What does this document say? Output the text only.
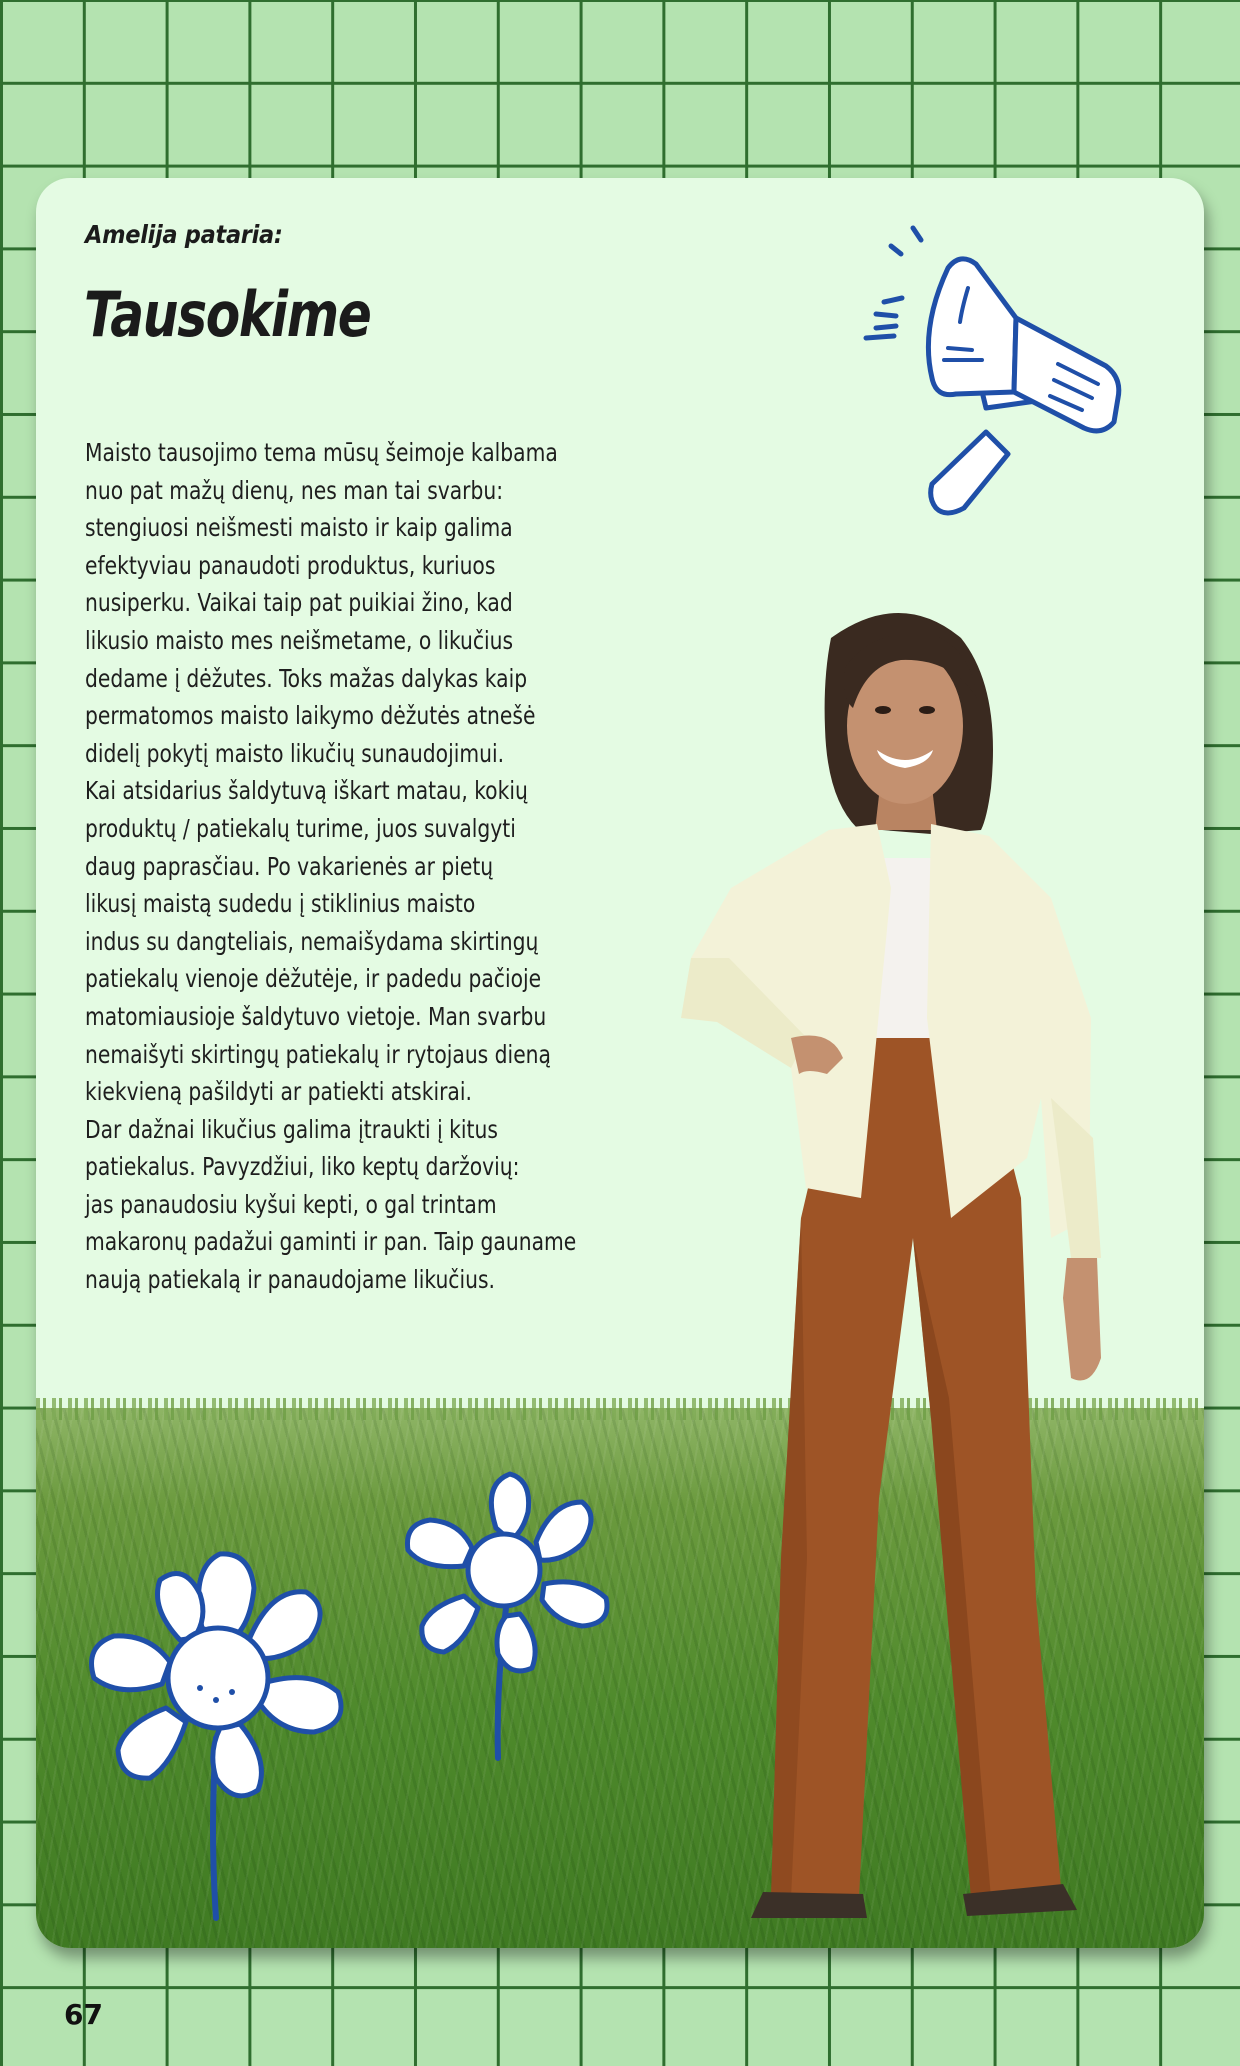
Amelija pataria:
Tausokime

Maisto tausojimo tema mūsų šeimoje kalbama
nuo pat mažų dienų, nes man tai svarbu:
stengiuosi neišmesti maisto ir kaip galima
efektyviau panaudoti produktus, kuriuos
nusiperku. Vaikai taip pat puikiai žino, kad
likusio maisto mes neišmetame, o likučius
dedame į dėžutes. Toks mažas dalykas kaip
permatomos maisto laikymo dėžutės atnešė
didelį pokytį maisto likučių sunaudojimui.
Kai atsidarius šaldytuvą iškart matau, kokių
produktų / patiekalų turime, juos suvalgyti
daug paprasčiau. Po vakarienės ar pietų
likusį maistą sudedu į stiklinius maisto
indus su dangteliais, nemaišydama skirtingų
patiekalų vienoje dėžutėje, ir padedu pačioje
matomiausioje šaldytuvo vietoje. Man svarbu
nemaišyti skirtingų patiekalų ir rytojaus dieną
kiekvieną pašildyti ar patiekti atskirai.
Dar dažnai likučius galima įtraukti į kitus
patiekalus. Pavyzdžiui, liko keptų daržovių:
jas panaudosiu kyšui kepti, o gal trintam
makaronų padažui gaminti ir pan. Taip gauname
naują patiekalą ir panaudojame likučius.

67
